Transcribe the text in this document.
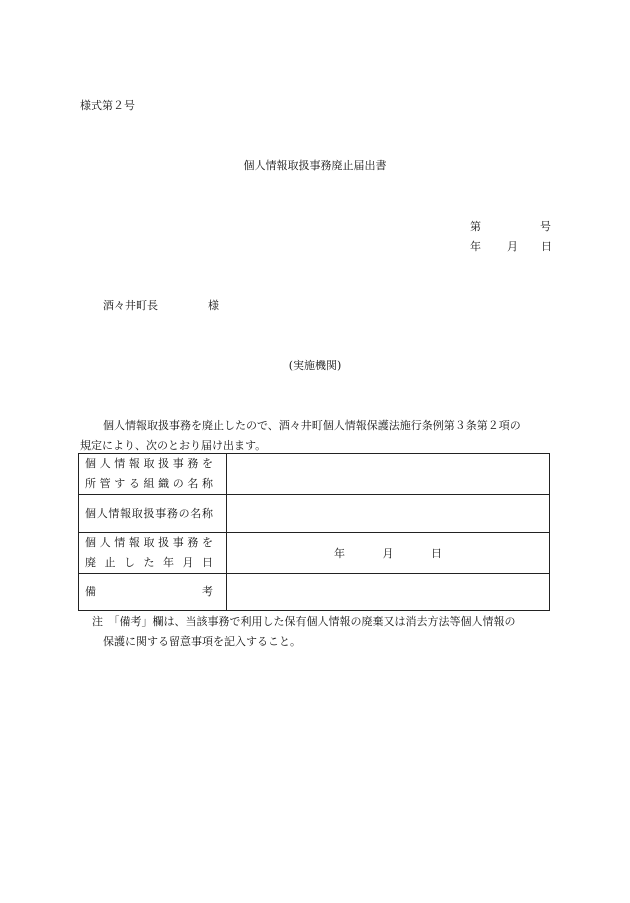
様式第２号
個人情報取扱事務廃止届出書
第	号
年 月 日
酒々井町長	様
(実施機関)
個人情報取扱事務を廃止したので、酒々井町個人情報保護法施行条例第３条第２項の
規定により、次のとおり届け出ます。
個人情報取扱事務を
所管する組織の名称	

個人情報取扱事務の名称	

個人情報取扱事務を
廃止した年月日	年 月 日

備考	

注　「備考」欄は、当該事務で利用した保有個人情報の廃棄又は消去方法等個人情報の
保護に関する留意事項を記入すること。
